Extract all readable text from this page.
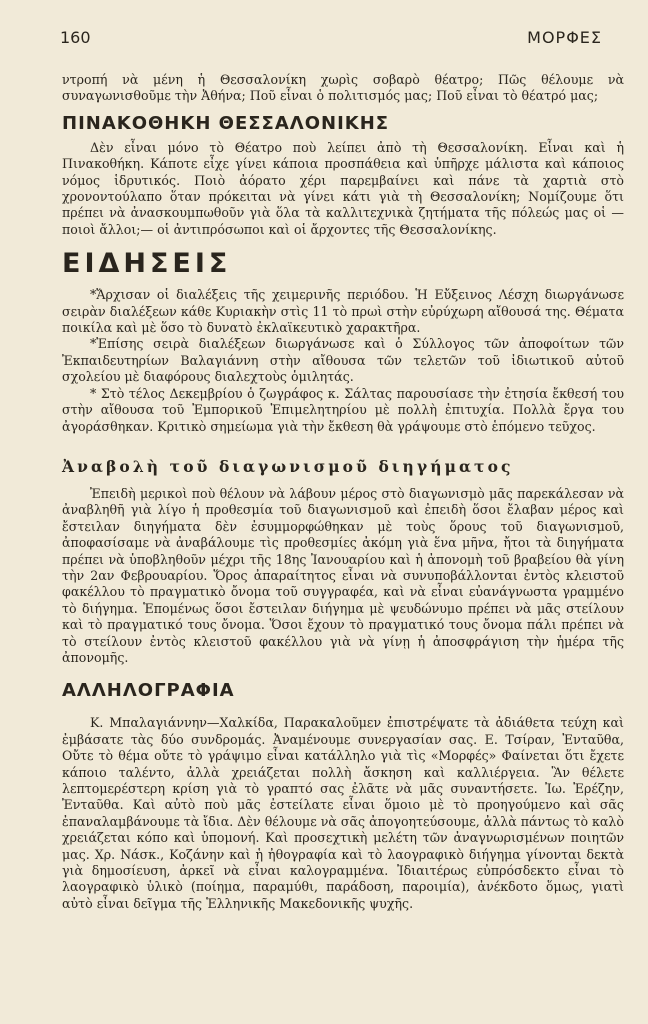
160	ΜΟΡΦΕΣ

ντροπή νὰ μένη ἡ Θεσσαλονίκη χωρὶς σοβαρὸ θέατρο; Πῶς θέλουμε νὰ συναγωνισθοῦμε τὴν Ἀθήνα; Ποῦ εἶναι ὁ πολιτισμός μας; Ποῦ εἶναι τὸ θέατρό μας;

ΠΙΝΑΚΟΘΗΚΗ ΘΕΣΣΑΛΟΝΙΚΗΣ

Δὲν εἶναι μόνο τὸ Θέατρο ποὺ λείπει ἀπὸ τὴ Θεσσαλονίκη. Εἶναι καὶ ἡ Πινακοθήκη. Κάποτε εἶχε γίνει κάποια προσπάθεια καὶ ὑπῆρχε μάλιστα καὶ κάποιος νόμος ἱδρυτικός. Ποιὸ ἀόρατο χέρι παρεμβαίνει καὶ πάνε τὰ χαρτιὰ στὸ χρονοντούλαπο ὅταν πρόκειται νὰ γίνει κάτι γιὰ τὴ Θεσσαλονίκη; Νομίζουμε ὅτι πρέπει νὰ ἀνασκουμπωθοῦν γιὰ ὅλα τὰ καλλιτεχνικὰ ζητήματα τῆς πόλεώς μας οἱ —ποιοὶ ἄλλοι;— οἱ ἀντιπρόσωποι καὶ οἱ ἄρχοντες τῆς Θεσσαλονίκης.

ΕΙΔΗΣΕΙΣ

*Ἄρχισαν οἱ διαλέξεις τῆς χειμερινῆς περιόδου. Ἡ Εὔξεινος Λέσχη διωργάνωσε σειρὰν διαλέξεων κάθε Κυριακὴν στὶς 11 τὸ πρωὶ στὴν εὐρύχωρη αἴθουσά της. Θέματα ποικίλα καὶ μὲ ὅσο τὸ δυνατὸ ἐκλαϊκευτικὸ χαρακτῆρα.

*Ἐπίσης σειρὰ διαλέξεων διωργάνωσε καὶ ὁ Σύλλογος τῶν ἀποφοίτων τῶν Ἐκπαιδευτηρίων Βαλαγιάννη στὴν αἴθουσα τῶν τελετῶν τοῦ ἰδιωτικοῦ αὐτοῦ σχολείου μὲ διαφόρους διαλεχτοὺς ὁμιλητάς.

* Στὸ τέλος Δεκεμβρίου ὁ ζωγράφος κ. Σάλτας παρουσίασε τὴν ἐτησία ἔκθεσή του στὴν αἴθουσα τοῦ Ἐμπορικοῦ Ἐπιμελητηρίου μὲ πολλὴ ἐπιτυχία. Πολλὰ ἔργα του ἀγοράσθηκαν. Κριτικὸ σημείωμα γιὰ τὴν ἔκθεση θὰ γράψουμε στὸ ἑπόμενο τεῦχος.

Ἀναβολὴ τοῦ διαγωνισμοῦ διηγήματος

Ἐπειδὴ μερικοὶ ποὺ θέλουν νὰ λάβουν μέρος στὸ διαγωνισμὸ μᾶς παρεκάλεσαν νὰ ἀναβληθῆ γιὰ λίγο ἡ προθεσμία τοῦ διαγωνισμοῦ καὶ ἐπειδὴ ὅσοι ἔλαβαν μέρος καὶ ἔστειλαν διηγήματα δὲν ἐσυμμορφώθηκαν μὲ τοὺς ὅρους τοῦ διαγωνισμοῦ, ἀποφασίσαμε νὰ ἀναβάλουμε τὶς προθεσμίες ἀκόμη γιὰ ἕνα μῆνα, ἤτοι τὰ διηγήματα πρέπει νὰ ὑποβληθοῦν μέχρι τῆς 18ης Ἰανουαρίου καὶ ἡ ἀπονομὴ τοῦ βραβείου θὰ γίνη τὴν 2αν Φεβρουαρίου. Ὅρος ἀπαραίτητος εἶναι νὰ συνυποβάλλονται ἐντὸς κλειστοῦ φακέλλου τὸ πραγματικὸ ὄνομα τοῦ συγγραφέα, καὶ νὰ εἶναι εὐανάγνωστα γραμμένο τὸ διήγημα. Ἑπομένως ὅσοι ἔστειλαν διήγημα μὲ ψευδώνυμο πρέπει νὰ μᾶς στείλουν καὶ τὸ πραγματικό τους ὄνομα. Ὅσοι ἔχουν τὸ πραγματικό τους ὄνομα πάλι πρέπει νὰ τὸ στείλουν ἐντὸς κλειστοῦ φακέλλου γιὰ νὰ γίνῃ ἡ ἀποσφράγιση τὴν ἡμέρα τῆς ἀπονομῆς.

ΑΛΛΗΛΟΓΡΑΦΙΑ

Κ. Μπαλαγιάννην—Χαλκίδα, Παρακαλοῦμεν ἐπιστρέψατε τὰ ἀδιάθετα τεύχη καὶ ἐμβάσατε τὰς δύο συνδρομάς. Ἀναμένουμε συνεργασίαν σας. Ε. Τσίραν, Ἐνταῦθα, Οὔτε τὸ θέμα οὔτε τὸ γράψιμο εἶναι κατάλληλο γιὰ τὶς «Μορφές» Φαίνεται ὅτι ἔχετε κάποιο ταλέντο, ἀλλὰ χρειάζεται πολλὴ ἄσκηση καὶ καλλιέργεια. Ἂν θέλετε λεπτομερέστερη κρίση γιὰ τὸ γραπτό σας ἐλᾶτε νὰ μᾶς συναντήσετε. Ἰω. Ἐρέζην, Ἐνταῦθα. Καὶ αὐτὸ ποὺ μᾶς ἐστείλατε εἶναι ὅμοιο μὲ τὸ προηγούμενο καὶ σᾶς ἐπαναλαμβάνουμε τὰ ἴδια. Δὲν θέλουμε νὰ σᾶς ἀπογοητεύσουμε, ἀλλὰ πάντως τὸ καλὸ χρειάζεται κόπο καὶ ὑπομονή. Καὶ προσεχτικὴ μελέτη τῶν ἀναγνωρισμένων ποιητῶν μας. Χρ. Νάσκ., Κοζάνην καὶ ἡ ἠθογραφία καὶ τὸ λαογραφικὸ διήγημα γίνονται δεκτὰ γιὰ δημοσίευση, ἀρκεῖ νὰ εἶναι καλογραμμένα. Ἰδιαιτέρως εὐπρόσδεκτο εἶναι τὸ λαογραφικὸ ὑλικὸ (ποίημα, παραμύθι, παράδοση, παροιμία), ἀνέκδοτο ὅμως, γιατὶ αὐτὸ εἶναι δεῖγμα τῆς Ἑλληνικῆς Μακεδονικῆς ψυχῆς.
